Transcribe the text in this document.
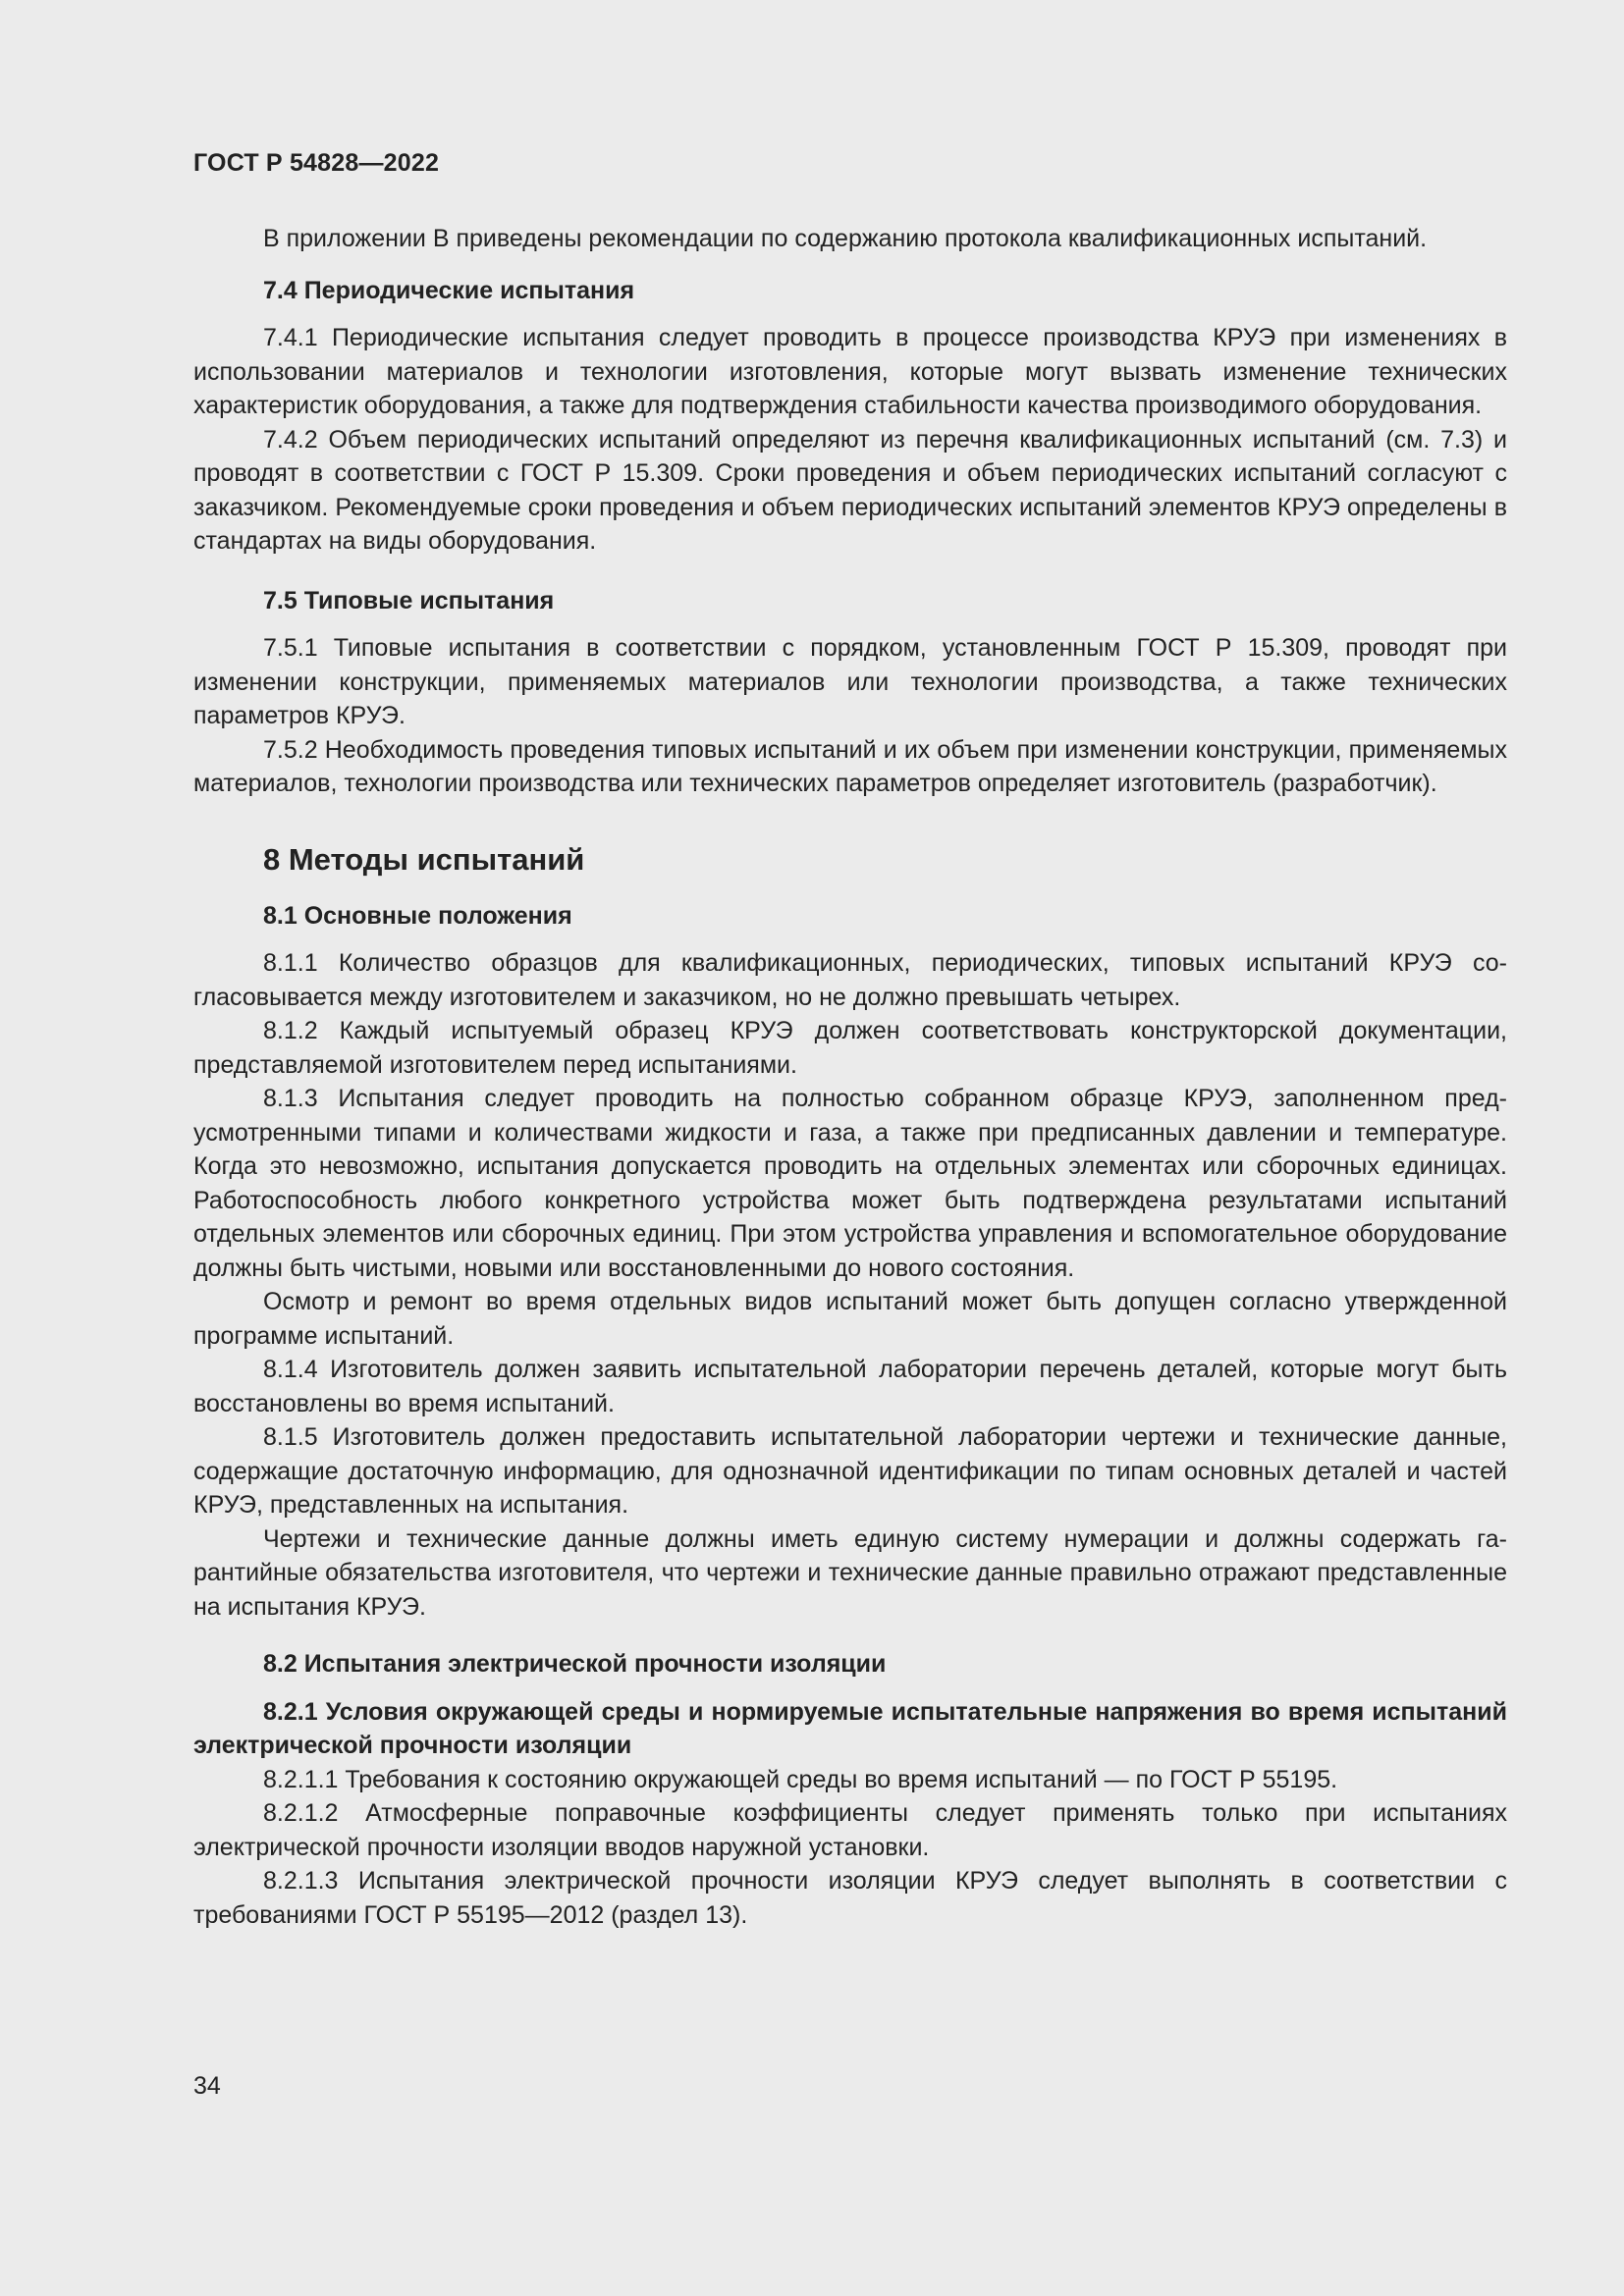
ГОСТ Р 54828—2022

В приложении В приведены рекомендации по содержанию протокола квалификационных испытаний.

7.4 Периодические испытания

7.4.1 Периодические испытания следует проводить в процессе производства КРУЭ при изменениях в использовании материалов и технологии изготовления, которые могут вызвать изменение технических характеристик оборудования, а также для подтверждения стабильности качества производимого оборудования.

7.4.2 Объем периодических испытаний определяют из перечня квалификационных испытаний (см. 7.3) и проводят в соответствии с ГОСТ Р 15.309. Сроки проведения и объем периодических испытаний согласуют с заказчиком. Рекомендуемые сроки проведения и объем периодических испытаний элементов КРУЭ определены в стандартах на виды оборудования.

7.5 Типовые испытания

7.5.1 Типовые испытания в соответствии с порядком, установленным ГОСТ Р 15.309, проводят при изменении конструкции, применяемых материалов или технологии производства, а также технических параметров КРУЭ.

7.5.2 Необходимость проведения типовых испытаний и их объем при изменении конструкции, применяемых материалов, технологии производства или технических параметров определяет изготовитель (разработчик).

8 Методы испытаний
8.1 Основные положения

8.1.1 Количество образцов для квалификационных, периодических, типовых испытаний КРУЭ согласовывается между изготовителем и заказчиком, но не должно превышать четырех.

8.1.2 Каждый испытуемый образец КРУЭ должен соответствовать конструкторской документации, представляемой изготовителем перед испытаниями.

8.1.3 Испытания следует проводить на полностью собранном образце КРУЭ, заполненном предусмотренными типами и количествами жидкости и газа, а также при предписанных давлении и температуре. Когда это невозможно, испытания допускается проводить на отдельных элементах или сборочных единицах. Работоспособность любого конкретного устройства может быть подтверждена результатами испытаний отдельных элементов или сборочных единиц. При этом устройства управления и вспомогательное оборудование должны быть чистыми, новыми или восстановленными до нового состояния.

Осмотр и ремонт во время отдельных видов испытаний может быть допущен согласно утвержденной программе испытаний.

8.1.4 Изготовитель должен заявить испытательной лаборатории перечень деталей, которые могут быть восстановлены во время испытаний.

8.1.5 Изготовитель должен предоставить испытательной лаборатории чертежи и технические данные, содержащие достаточную информацию, для однозначной идентификации по типам основных деталей и частей КРУЭ, представленных на испытания.

Чертежи и технические данные должны иметь единую систему нумерации и должны содержать гарантийные обязательства изготовителя, что чертежи и технические данные правильно отражают представленные на испытания КРУЭ.

8.2 Испытания электрической прочности изоляции
8.2.1 Условия окружающей среды и нормируемые испытательные напряжения во время испытаний электрической прочности изоляции

8.2.1.1 Требования к состоянию окружающей среды во время испытаний — по ГОСТ Р 55195.

8.2.1.2 Атмосферные поправочные коэффициенты следует применять только при испытаниях электрической прочности изоляции вводов наружной установки.

8.2.1.3 Испытания электрической прочности изоляции КРУЭ следует выполнять в соответствии с требованиями ГОСТ Р 55195—2012 (раздел 13).

34
